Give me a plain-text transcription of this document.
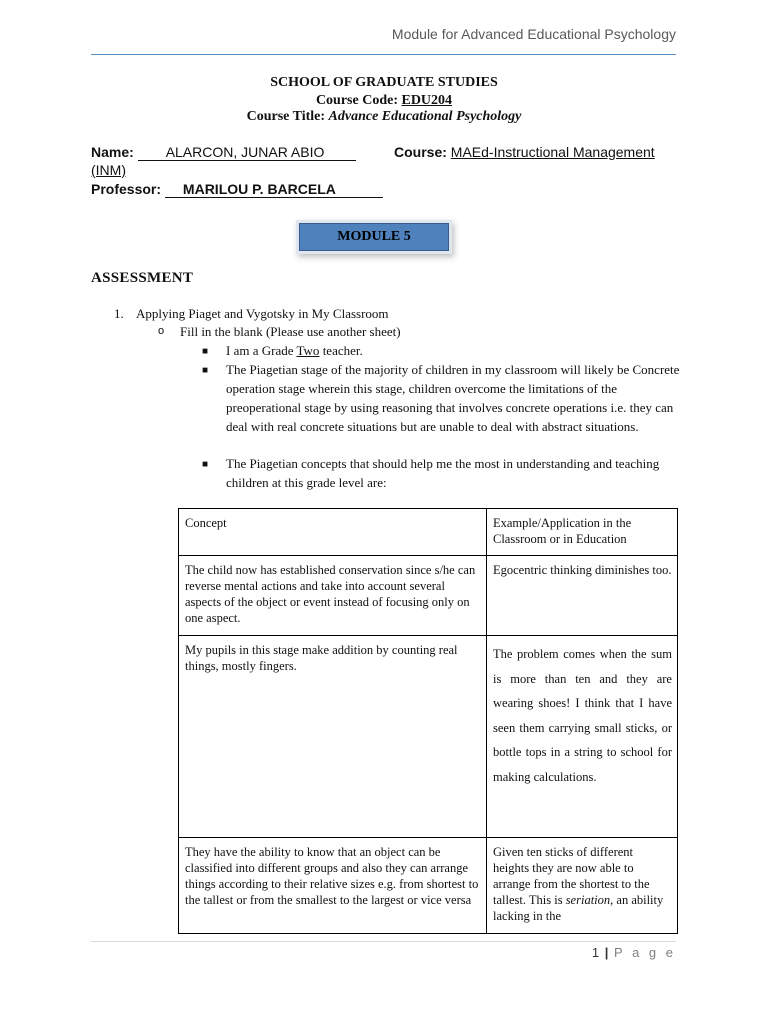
Module for Advanced Educational Psychology
SCHOOL OF GRADUATE STUDIES
Course Code: EDU204
Course Title: Advance Educational Psychology
Name: ALARCON, JUNAR ABIO	Course: MAEd-Instructional Management
(INM)
Professor: MARILOU P. BARCELA
MODULE 5
ASSESSMENT
1. Applying Piaget and Vygotsky in My Classroom
o Fill in the blank (Please use another sheet)
■ I am a Grade Two teacher.
■ The Piagetian stage of the majority of children in my classroom will likely be Concrete operation stage wherein this stage, children overcome the limitations of the preoperational stage by using reasoning that involves concrete operations i.e. they can deal with real concrete situations but are unable to deal with abstract situations.
■ The Piagetian concepts that should help me the most in understanding and teaching children at this grade level are:
Concept	Example/Application in the Classroom or in Education
The child now has established conservation since s/he can reverse mental actions and take into account several aspects of the object or event instead of focusing only on one aspect.	Egocentric thinking diminishes too.
My pupils in this stage make addition by counting real things, mostly fingers.	The problem comes when the sum is more than ten and they are wearing shoes! I think that I have seen them carrying small sticks, or bottle tops in a string to school for making calculations.
They have the ability to know that an object can be classified into different groups and also they can arrange things according to their relative sizes e.g. from shortest to the tallest or from the smallest to the largest or vice versa	Given ten sticks of different heights they are now able to arrange from the shortest to the tallest. This is seriation, an ability lacking in the
1 | P a g e
